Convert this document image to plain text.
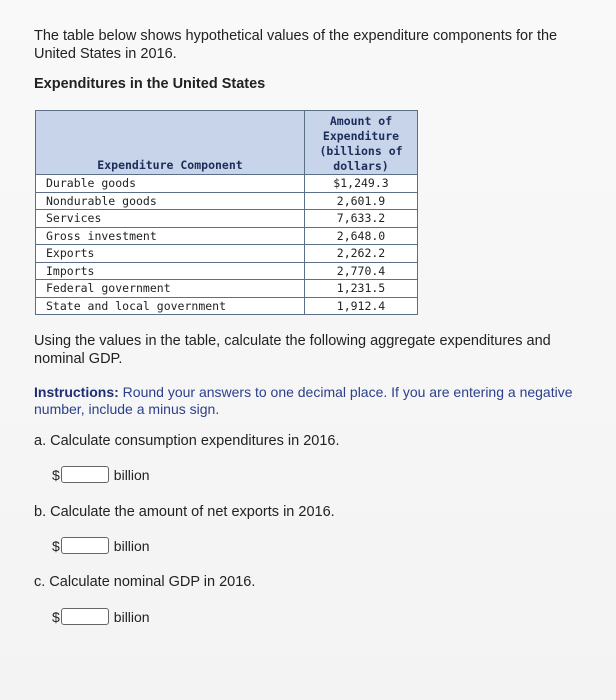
The table below shows hypothetical values of the expenditure components for the United States in 2016.
Expenditures in the United States
Expenditure Component	Amount of Expenditure (billions of dollars)
Durable goods	$1,249.3
Nondurable goods	2,601.9
Services	7,633.2
Gross investment	2,648.0
Exports	2,262.2
Imports	2,770.4
Federal government	1,231.5
State and local government	1,912.4
Using the values in the table, calculate the following aggregate expenditures and nominal GDP.
Instructions: Round your answers to one decimal place. If you are entering a negative number, include a minus sign.
a. Calculate consumption expenditures in 2016.
$	billion
b. Calculate the amount of net exports in 2016.
$	billion
c. Calculate nominal GDP in 2016.
$	billion
